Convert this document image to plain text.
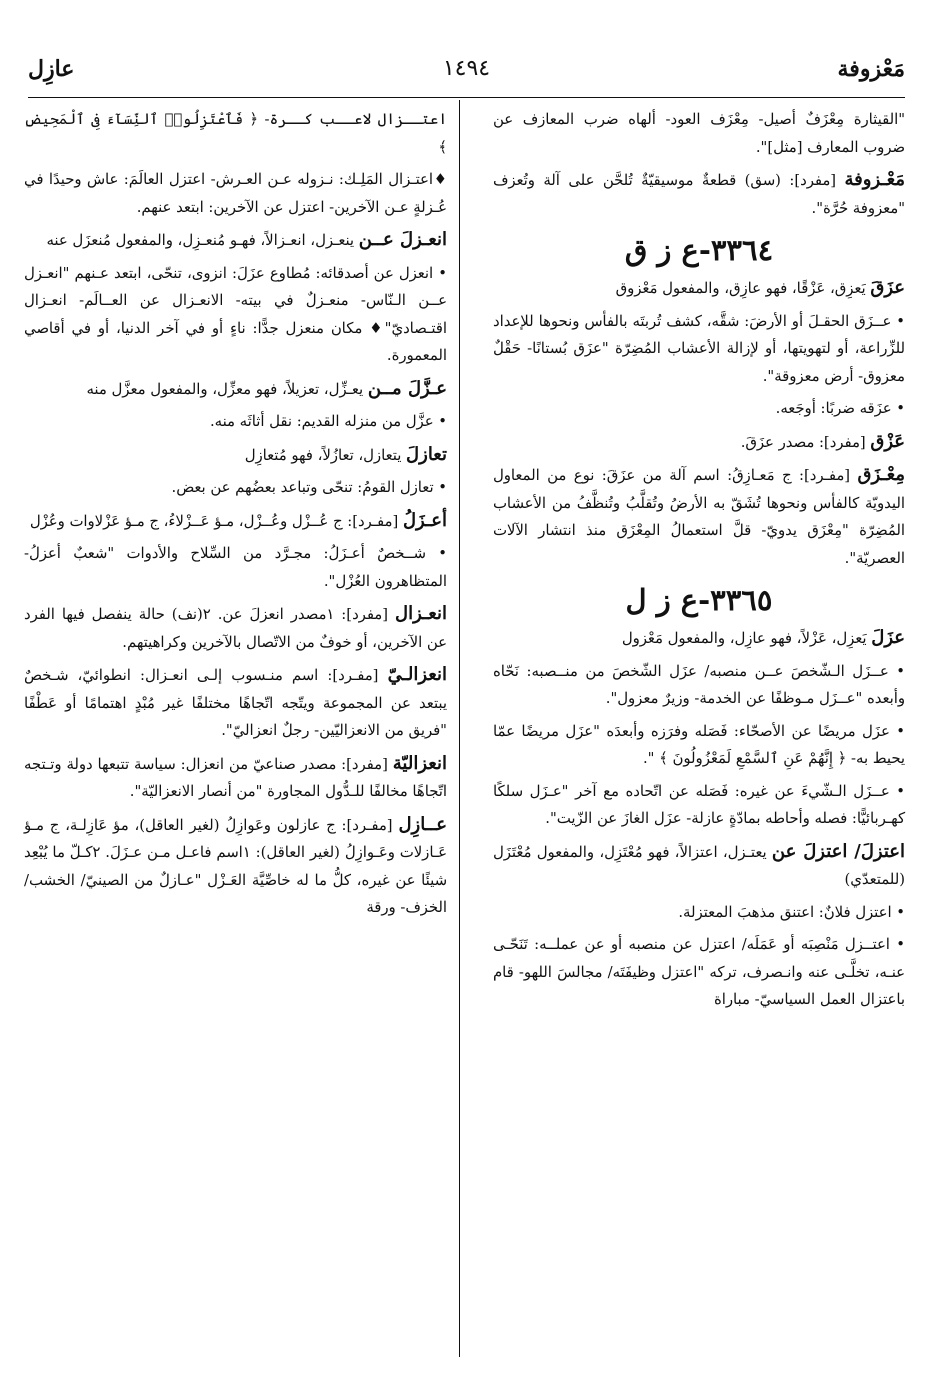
مَعْزوفة
١٤٩٤
عازِل
"القيثارة مِعْزَفٌ أصيل- مِعْزَف العود- ألهاه ضرب المعازف عن ضروب المعارف [مثل]".
مَعْـزوفة [مفرد]: (سق) قطعةٌ موسيقيّةٌ تُلحَّن على آلة وتُعزف "معزوفة حُرَّة".
٣٣٦٤-ع ز ق
عزَقَ يَعزِق، عَزْقًا، فهو عازِق، والمفعول مَعْزوق
• عــزَق الحقـلَ أو الأرضَ: شقَّه، كشف تُربتَه بالفأس ونحوها للإعداد للزِّراعة، أو لتهويتها، أو لإزالة الأعشاب المُضِرّة "عزَق بُستانًا- حَقْلٌ معزوق- أرض معزوقة".
• عزَقه ضربًا: أوجَعه.
عَزْق [مفرد]: مصدر عزَقَ.
مِعْـزَق [مفـرد]: ج مَعـازِقُ: اسم آلة من عزَقَ: نوع من المعاول اليدويّة كالفأس ونحوها تُشَقّ به الأرضُ وتُقلَّبُ وتُنظَّفُ من الأعشاب المُضِرّة "مِعْزَق يدويّ- قلَّ استعمالُ المِعْزَق منذ انتشار الآلات العصريّة".
٣٣٦٥-ع ز ل
عزَلَ يَعزِل، عَزْلاً، فهو عازِل، والمفعول مَعْزول
• عــزَل الـشّخصَ عــن منصبه/ عزَل الشّخصَ من منــصبه: نَحّاه وأبعده "عــزَل مـوظفًا عن الخدمة- وزيرٌ معزول".
• عزَل مريضًا عن الأصحّاء: فَصَله وفرَزه وأبعدَه "عزَل مريضًا عمّا يحيط به- ﴿ إِنَّهُمْ عَنِ ٱلسَّمْعِ لَمَعْزُولُونَ ﴾ ".
• عــزَل الـشّيءَ عن غيره: فَصَله عن اتّحاده مع آخر "عـزَل سلكًا كهـربائيًّا: فصله وأحاطه بمادّةٍ عازلة- عزَل الغازَ عن الزّيت".
اعتزلَ/ اعتزلَ عن يعتـزل، اعتزالاً، فهو مُعْتَزِل، والمفعول مُعْتَزَل (للمتعدّي)
• اعتزل فلانٌ: اعتنق مذهبَ المعتزلة.
• اعتــزل مَنْصِبَه أو عَمَلَه/ اعتزل عن منصبه أو عن عملــه: تَنَحّـى عنـه، تخلَّـى عنه وانـصرف، تركه "اعتزل وظيفَتَه/ مجالسَ اللهو- قام باعتزال العمل السياسيّ- مباراة
اعتــزال لاعــب كــرة- ﴿ فَٱعْتَزِلُوا۟ ٱلنِّسَآءَ فِى ٱلْمَحِيضِ ﴾
♦اعتـزال المَلِـك: نـزوله عـن العـرش- اعتزل العالَمَ: عاش وحيدًا في عُـزلةٍ عـن الآخرين- اعتزل عن الآخرين: ابتعد عنهم.
انعـزلَ عــن ينعـزل، انعـزالاً، فهـو مُنعـزِل، والمفعول مُنعزَل عنه
• انعزل عن أصدقائه: مُطاوع عزَلَ: انزوى، تنحّى، ابتعد عـنهم "انعـزل عــن الـنّاس- منعـزلٌ في بيته- الانعـزال عن العــالَم- انعـزال اقتـصاديّ"♦ مكان منعزل جدًّا: ناءٍ أو في آخر الدنيا، أو في أقاصي المعمورة.
عـزَّلَ مــن يعـزِّل، تعزيلاً، فهو معزِّل، والمفعول معزَّل منه
• عزَّل من منزله القديم: نقل أثاثَه منه.
تعازلَ يتعازل، تعازُلاً، فهو مُتعازِل
• تعازل القومُ: تنحّى وتباعد بعضُهم عن بعض.
أعـزَلُ [مفـرد]: ج عُــزْل وعُــزْل، مـؤ عَــزْلاءُ، ج مـؤ عَزْلاوات وعُزْل
• شــخصٌ أعـزَلُ: مجـرَّد من السِّلاح والأدوات "شعبٌ أعزلُ- المتظاهرون العُزْل".
انعـزال [مفرد]: ١مصدر انعزلَ عن. ٢(نف) حالة ينفصل فيها الفرد عن الآخرين، أو خوفٌ من الاتّصال بالآخرين وكراهيتهم.
انعزالـيّ [مفـرد]: اسم منـسوب إلـى انعـزال: انطوائيّ، شـخصٌ يبتعد عن المجموعة ويتّجه اتّجاهًا مختلفًا غير مُبْدٍ اهتمامًا أو عَطْفًا "فريق من الانعزاليّين- رجلٌ انعزاليّ".
انعزاليّة [مفرد]: مصدر صناعيّ من انعزال: سياسة تتبعها دولة وتـتجه اتّجاهًا مخالفًا للـدُّول المجاورة "من أنصار الانعزاليّة".
عــازِل [مفـرد]: ج عازلون وعَوازِلُ (لغير العاقل)، مؤ عَازِلـة، ج مـؤ عَـازلات وعَـوازِلُ (لغير العاقل): ١اسم فاعـل مـن عـزَلَ. ٢كـلّ ما يُبْعِد شيئًا عن غيره، كلُّ ما له خاصِّيَّة العَـزْل "عـازلٌ من الصينيّ/ الخشب/ الخزف- ورقة
